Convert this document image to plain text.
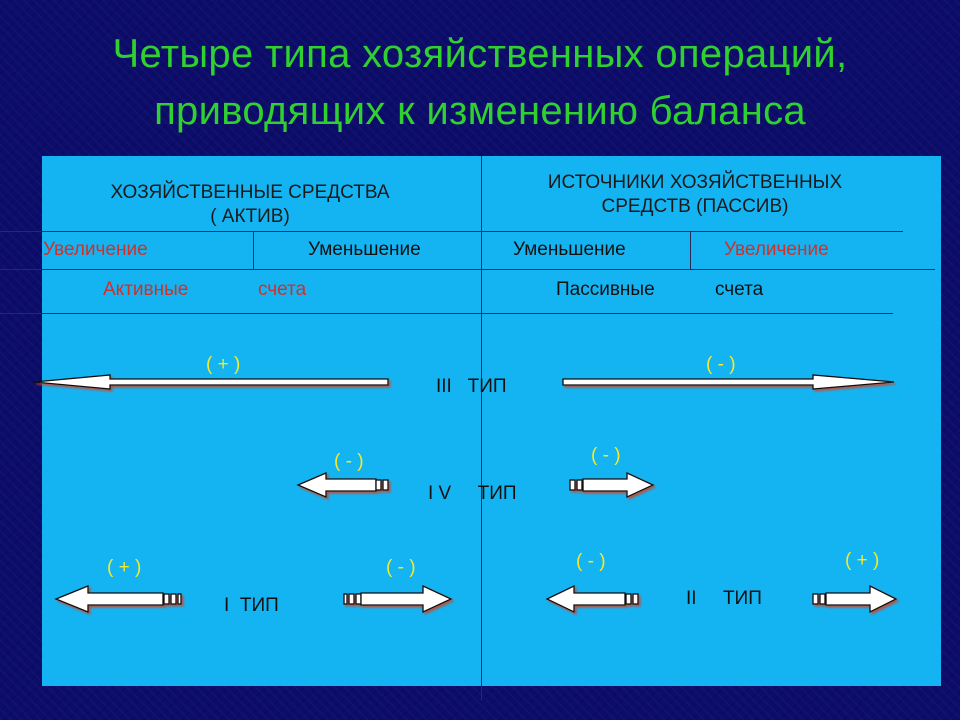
Четыре типа хозяйственных операций,
приводящих к изменению баланса
ХОЗЯЙСТВЕННЫЕ СРЕДСТВА
( АКТИВ)
ИСТОЧНИКИ ХОЗЯЙСТВЕННЫХ
СРЕДСТВ (ПАССИВ)
Увеличение	Уменьшение	Уменьшение	Увеличение
Активные	счета	Пассивные	счета
( + )	( - )
III   ТИП
( - )	( - )
I V     ТИП
( + )	( - )
I  ТИП
( - )	( + )
II     ТИП
